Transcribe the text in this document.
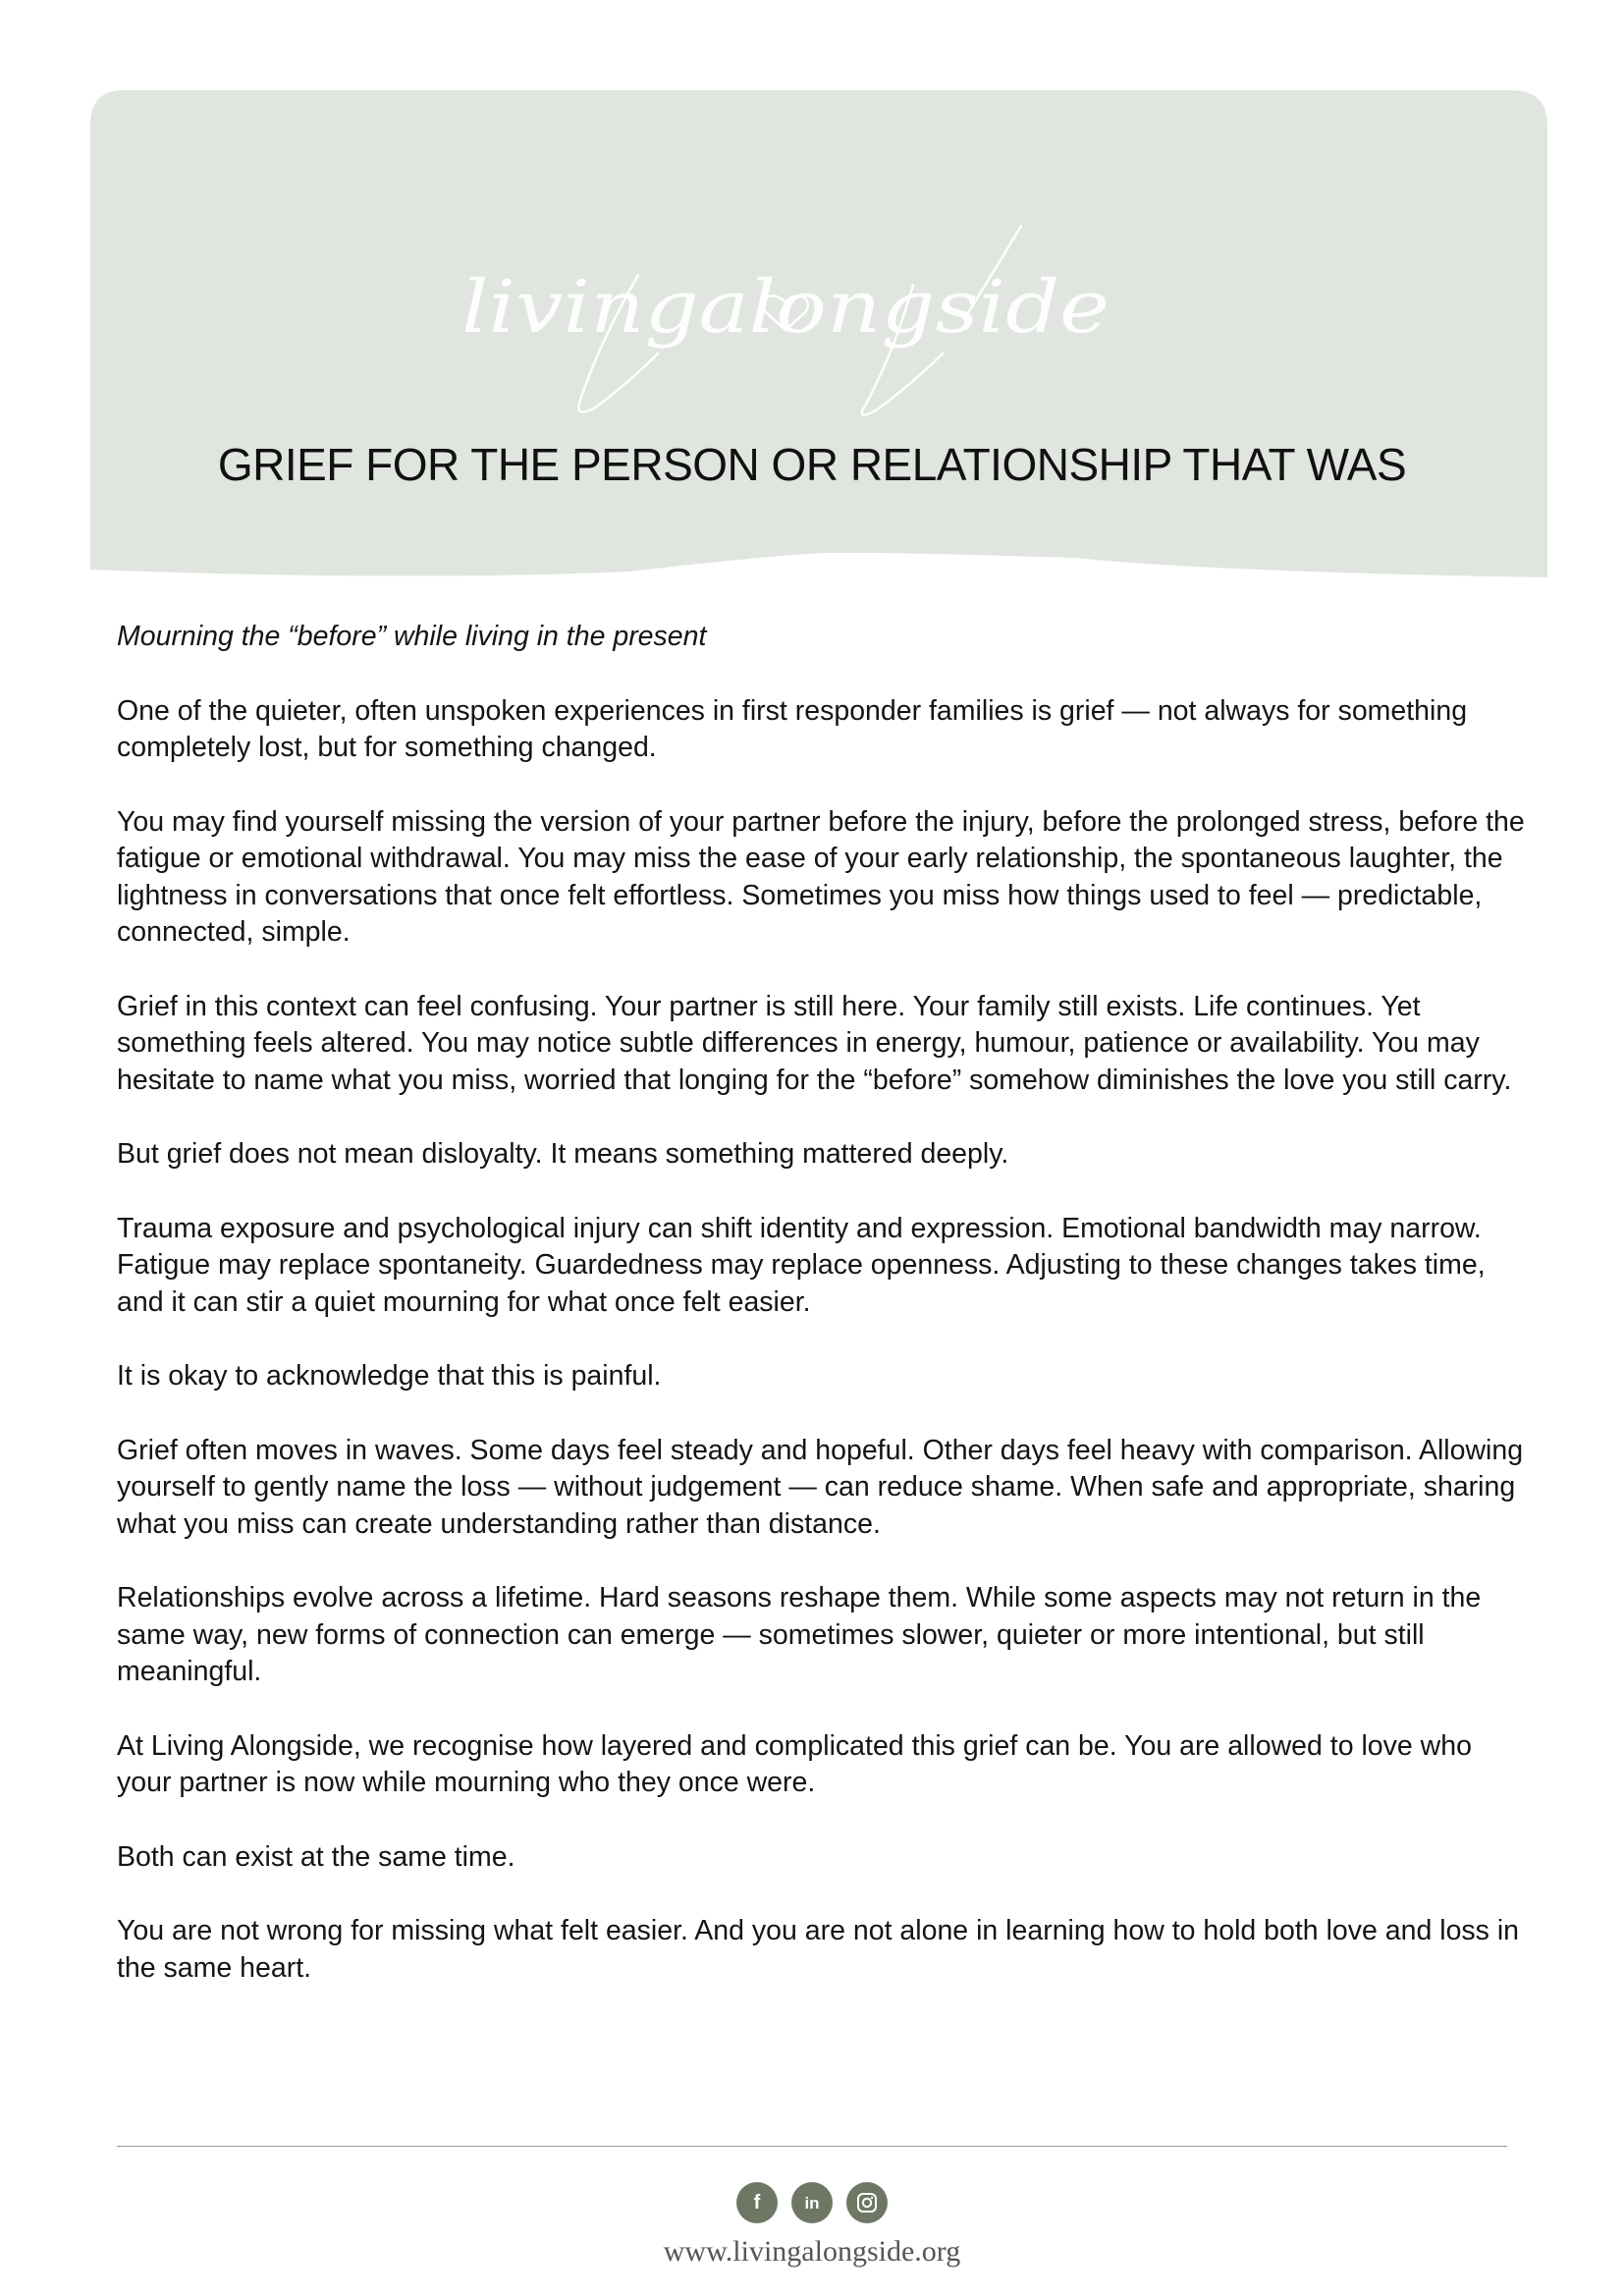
livingalongside
GRIEF FOR THE PERSON OR RELATIONSHIP THAT WAS

Mourning the “before” while living in the present

One of the quieter, often unspoken experiences in first responder families is grief — not always for something completely lost, but for something changed.

You may find yourself missing the version of your partner before the injury, before the prolonged stress, before the fatigue or emotional withdrawal. You may miss the ease of your early relationship, the spontaneous laughter, the lightness in conversations that once felt effortless. Sometimes you miss how things used to feel — predictable, connected, simple.

Grief in this context can feel confusing. Your partner is still here. Your family still exists. Life continues. Yet something feels altered. You may notice subtle differences in energy, humour, patience or availability. You may hesitate to name what you miss, worried that longing for the “before” somehow diminishes the love you still carry.

But grief does not mean disloyalty. It means something mattered deeply.

Trauma exposure and psychological injury can shift identity and expression. Emotional bandwidth may narrow. Fatigue may replace spontaneity. Guardedness may replace openness. Adjusting to these changes takes time, and it can stir a quiet mourning for what once felt easier.

It is okay to acknowledge that this is painful.

Grief often moves in waves. Some days feel steady and hopeful. Other days feel heavy with comparison. Allowing yourself to gently name the loss — without judgement — can reduce shame. When safe and appropriate, sharing what you miss can create understanding rather than distance.

Relationships evolve across a lifetime. Hard seasons reshape them. While some aspects may not return in the same way, new forms of connection can emerge — sometimes slower, quieter or more intentional, but still meaningful.

At Living Alongside, we recognise how layered and complicated this grief can be. You are allowed to love who your partner is now while mourning who they once were.

Both can exist at the same time.

You are not wrong for missing what felt easier. And you are not alone in learning how to hold both love and loss in the same heart.

f	in
www.livingalongside.org
